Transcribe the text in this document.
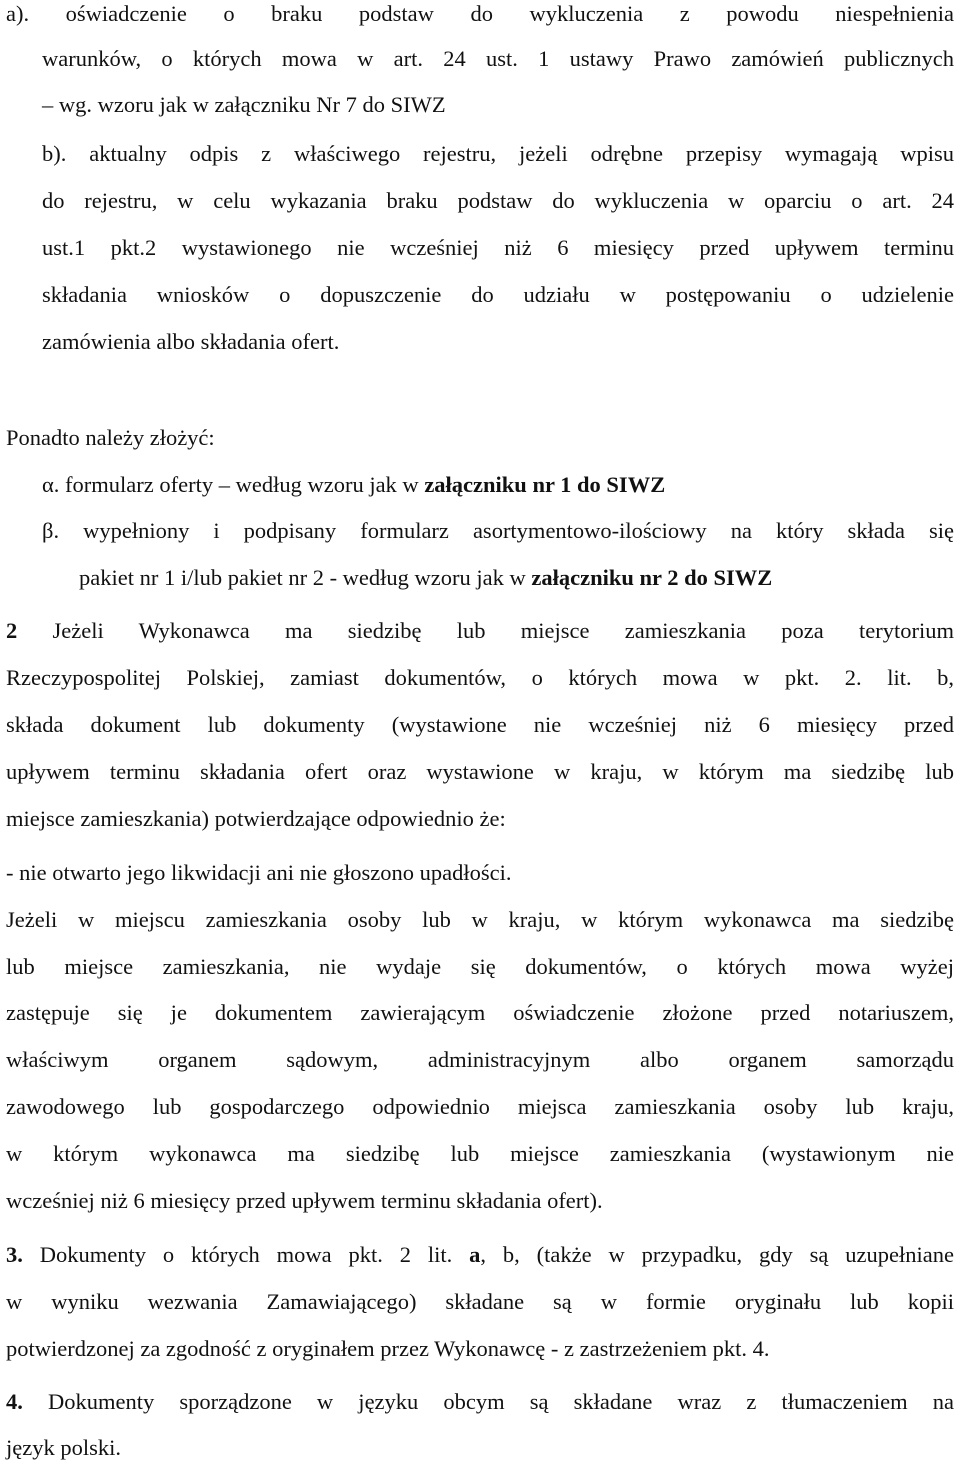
a). oświadczenie o braku podstaw do wykluczenia z powodu niespełnienia
warunków, o których mowa w art. 24 ust. 1 ustawy Prawo zamówień publicznych
– wg. wzoru jak w załączniku Nr 7 do SIWZ
b). aktualny odpis z właściwego rejestru, jeżeli odrębne przepisy wymagają wpisu
do rejestru, w celu wykazania braku podstaw do wykluczenia w oparciu o art. 24
ust.1 pkt.2 wystawionego nie wcześniej niż 6 miesięcy przed upływem terminu
składania wniosków o dopuszczenie do udziału w postępowaniu o udzielenie
zamówienia albo składania ofert.
Ponadto należy złożyć:
α. formularz oferty – według wzoru jak w załączniku nr 1 do SIWZ
β. wypełniony i podpisany formularz asortymentowo-ilościowy na który składa się
pakiet nr 1 i/lub pakiet nr 2 - według wzoru jak w załączniku nr 2 do SIWZ
2 Jeżeli Wykonawca ma siedzibę lub miejsce zamieszkania poza terytorium
Rzeczypospolitej Polskiej, zamiast dokumentów, o których mowa w pkt. 2. lit. b,
składa dokument lub dokumenty (wystawione nie wcześniej niż 6 miesięcy przed
upływem terminu składania ofert oraz wystawione w kraju, w którym ma siedzibę lub
miejsce zamieszkania) potwierdzające odpowiednio że:
- nie otwarto jego likwidacji ani nie głoszono upadłości.
Jeżeli w miejscu zamieszkania osoby lub w kraju, w którym wykonawca ma siedzibę
lub miejsce zamieszkania, nie wydaje się dokumentów, o których mowa wyżej
zastępuje się je dokumentem zawierającym oświadczenie złożone przed notariuszem,
właściwym organem sądowym, administracyjnym albo organem samorządu
zawodowego lub gospodarczego odpowiednio miejsca zamieszkania osoby lub kraju,
w którym wykonawca ma siedzibę lub miejsce zamieszkania (wystawionym nie
wcześniej niż 6 miesięcy przed upływem terminu składania ofert).
3. Dokumenty o których mowa pkt. 2 lit. a, b, (także w przypadku, gdy są uzupełniane
w wyniku wezwania Zamawiającego) składane są w formie oryginału lub kopii
potwierdzonej za zgodność z oryginałem przez Wykonawcę - z zastrzeżeniem pkt. 4.
4. Dokumenty sporządzone w języku obcym są składane wraz z tłumaczeniem na
język polski.
